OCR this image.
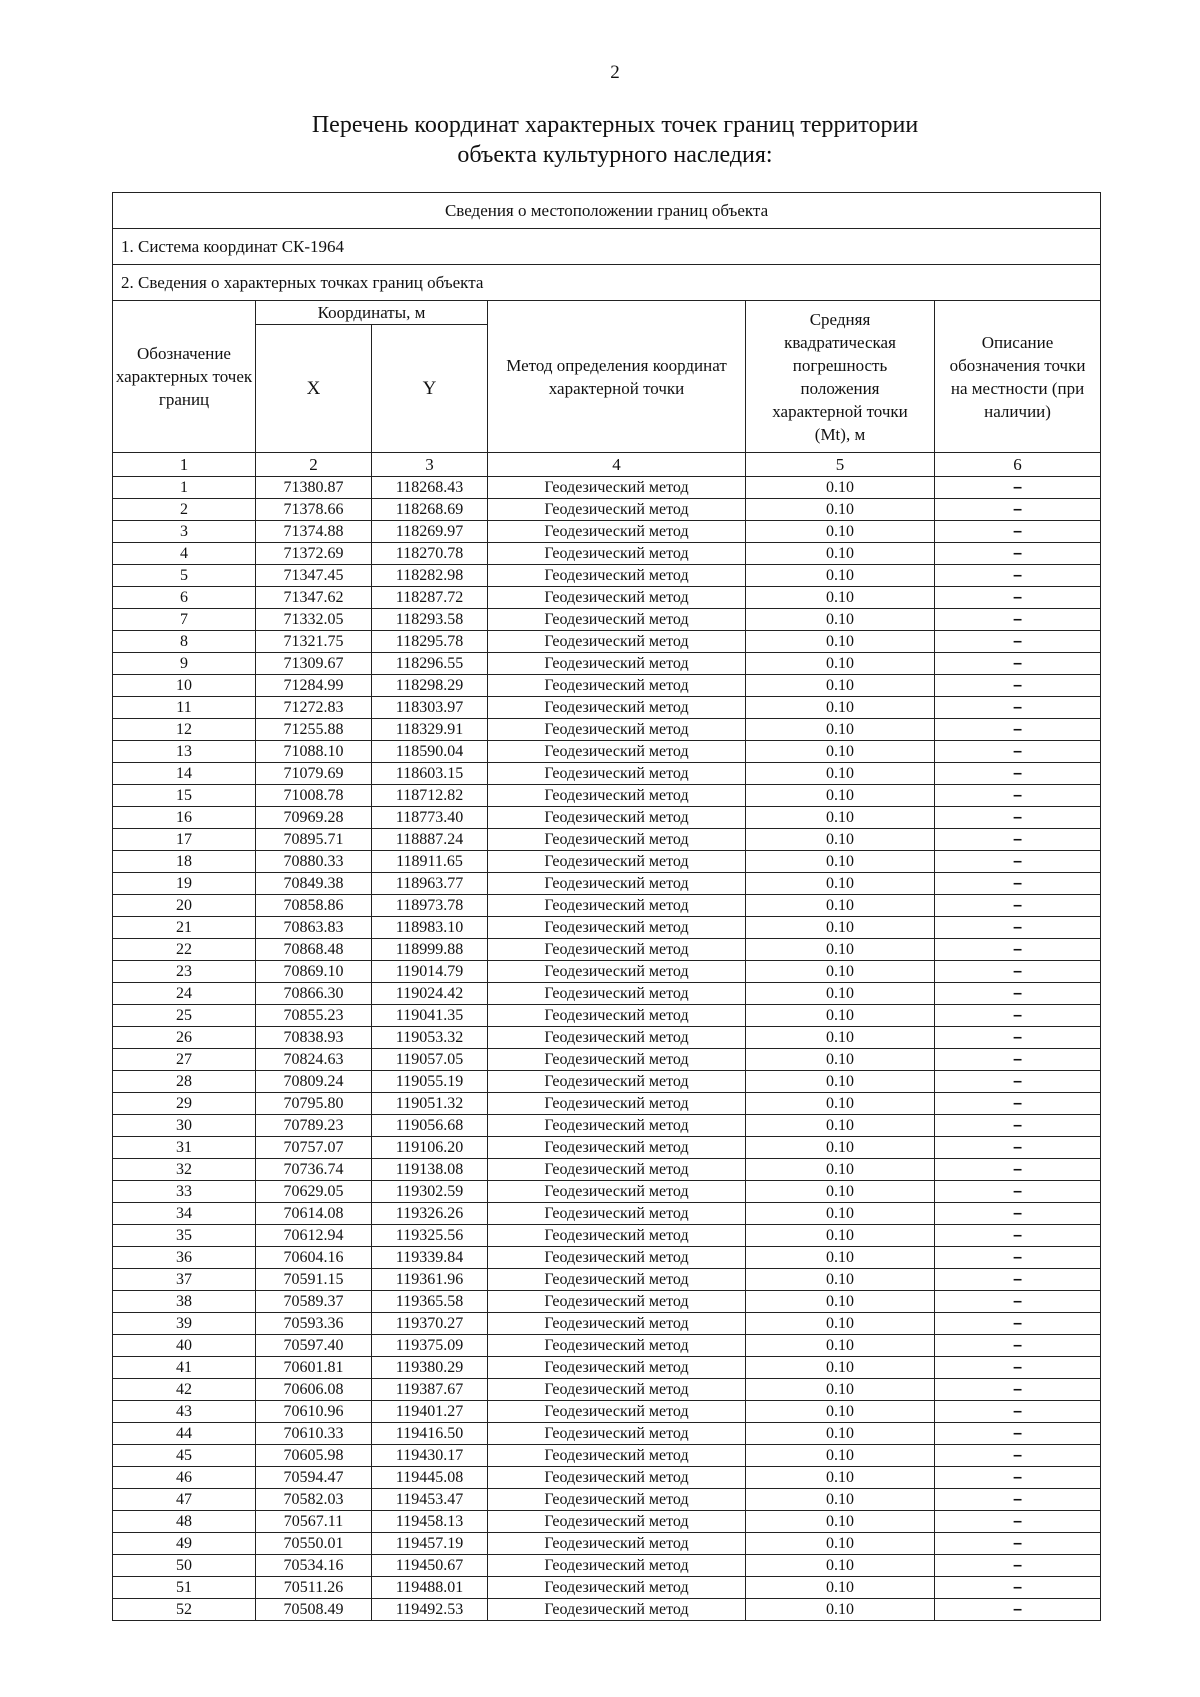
2
Перечень координат характерных точек границ территории
объекта культурного наследия:
Сведения о местоположении границ объекта					
1. Система координат СК-1964					
2. Сведения о характерных точках границ объекта					
Обозначение характерных точек границ	Координаты, м		Метод определения координат характерной точки	Средняя квадратическая погрешность положения характерной точки (Mt), м	Описание обозначения точки на местности (при наличии)
	X	Y			
1	2	3	4	5	6
1	71380.87	118268.43	Геодезический метод	0.10	–
2	71378.66	118268.69	Геодезический метод	0.10	–
3	71374.88	118269.97	Геодезический метод	0.10	–
4	71372.69	118270.78	Геодезический метод	0.10	–
5	71347.45	118282.98	Геодезический метод	0.10	–
6	71347.62	118287.72	Геодезический метод	0.10	–
7	71332.05	118293.58	Геодезический метод	0.10	–
8	71321.75	118295.78	Геодезический метод	0.10	–
9	71309.67	118296.55	Геодезический метод	0.10	–
10	71284.99	118298.29	Геодезический метод	0.10	–
11	71272.83	118303.97	Геодезический метод	0.10	–
12	71255.88	118329.91	Геодезический метод	0.10	–
13	71088.10	118590.04	Геодезический метод	0.10	–
14	71079.69	118603.15	Геодезический метод	0.10	–
15	71008.78	118712.82	Геодезический метод	0.10	–
16	70969.28	118773.40	Геодезический метод	0.10	–
17	70895.71	118887.24	Геодезический метод	0.10	–
18	70880.33	118911.65	Геодезический метод	0.10	–
19	70849.38	118963.77	Геодезический метод	0.10	–
20	70858.86	118973.78	Геодезический метод	0.10	–
21	70863.83	118983.10	Геодезический метод	0.10	–
22	70868.48	118999.88	Геодезический метод	0.10	–
23	70869.10	119014.79	Геодезический метод	0.10	–
24	70866.30	119024.42	Геодезический метод	0.10	–
25	70855.23	119041.35	Геодезический метод	0.10	–
26	70838.93	119053.32	Геодезический метод	0.10	–
27	70824.63	119057.05	Геодезический метод	0.10	–
28	70809.24	119055.19	Геодезический метод	0.10	–
29	70795.80	119051.32	Геодезический метод	0.10	–
30	70789.23	119056.68	Геодезический метод	0.10	–
31	70757.07	119106.20	Геодезический метод	0.10	–
32	70736.74	119138.08	Геодезический метод	0.10	–
33	70629.05	119302.59	Геодезический метод	0.10	–
34	70614.08	119326.26	Геодезический метод	0.10	–
35	70612.94	119325.56	Геодезический метод	0.10	–
36	70604.16	119339.84	Геодезический метод	0.10	–
37	70591.15	119361.96	Геодезический метод	0.10	–
38	70589.37	119365.58	Геодезический метод	0.10	–
39	70593.36	119370.27	Геодезический метод	0.10	–
40	70597.40	119375.09	Геодезический метод	0.10	–
41	70601.81	119380.29	Геодезический метод	0.10	–
42	70606.08	119387.67	Геодезический метод	0.10	–
43	70610.96	119401.27	Геодезический метод	0.10	–
44	70610.33	119416.50	Геодезический метод	0.10	–
45	70605.98	119430.17	Геодезический метод	0.10	–
46	70594.47	119445.08	Геодезический метод	0.10	–
47	70582.03	119453.47	Геодезический метод	0.10	–
48	70567.11	119458.13	Геодезический метод	0.10	–
49	70550.01	119457.19	Геодезический метод	0.10	–
50	70534.16	119450.67	Геодезический метод	0.10	–
51	70511.26	119488.01	Геодезический метод	0.10	–
52	70508.49	119492.53	Геодезический метод	0.10	–
